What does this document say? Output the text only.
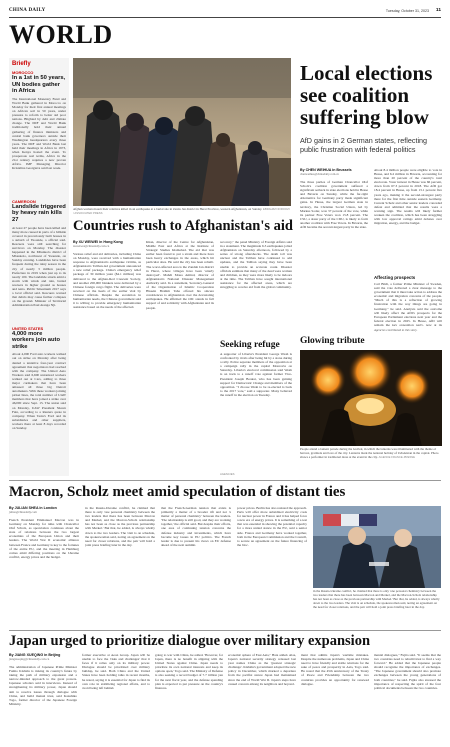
CHINA DAILY	Tuesday, October 31, 2023 11
WORLD
Briefly
MOROCCO
In a 1st in 50 years, UN bodies gather in Africa
The International Monetary Fund and World Bank gathered in Morocco on Monday for their first annual meetings on African soil in 50 years, under pressure to reform to better aid poor nations. Blighted by debt and climate change. The IMF and World Bank traditionally hold their annual gathering of finance ministers and central bank governors outside their Washington headquarters every three years. The IMF and World Bank last held their meetings in Africa in 1973, when Kenya hosted the event. To prosperous real terms, Africa in the 21st century requires a new proven Africa. IMF Managing Director Kristalina Georgieva said last week.
CAMEROON
Landslide triggered by heavy rain kills 27
At least 27 people have been killed and many more caused in parts of a hillside covered in precariously built houses in a suburb of Yaounde, a official said. Rescuers were still searching for survivors on Monday. The disaster happened in the Mbankolo district of Mbankolo, northwest of Yaounde, on Sunday evening. Landslides have been frequent during the rainy season in the city of nearly 3 million people. Prefecture in 2019 when just up to its nearly 100. The landslide struck amid a storm with winds and rain, buried rescuers in higher ground as houses and tents. Public Smeatnum 2017 says a local official said. Rescuers warned that debris may cause further collapses on the ground. Minister of Territorial Administration Paul Atanga Nji.
UNITED STATES
4,000 more workers join auto strike
About 4,000 Ford auto workers walked out on strike on Monday after being denied a tentative four-year contract agreement that negotiators had reached with the company. The United Auto Workers said 6,600 unionized workers walked out at Cars, adding to three major carmakers that have been amassed all three big Detroit automakers. With these workers joining picket lines, the total number of UAW members that have joined a strike over 46,000 since Sept. 15. The union said on Monday, UAW President Shawn Fain, according to a Reuters quote in company. When Tesla's Ford and its subsidiaries and other suppliers, workers there at least 8 days recorded on Sunday.
Afghan women mourn their relatives killed in an earthquake at a burial site in Zenda Jan district in Herat Province, western Afghanistan, on Sunday. EBRAHIM NOROOZI / ASSOCIATED PRESS
Countries rush to Afghanistan's aid
By XU WEIWEI in Hong Kong
xuweiwei@chinadaily.com.cn
Various relief and aid deliveries, including China on Monday, were received with a humanitarian response to Afghanistan's earthquake victims, as Afghanistan's Taliban-led government announced a new relief package. China's emergency relief package of 30 million yuan ($4.1 million) was delivered to the Afghan-Red Crescent Society, and another 200,000 blankets were delivered by a Chinese foreign cargo flight. The deliveries were received on the heels of the earlier visit by Chinese officials. Despite the escalation in humanitarian needs, the Chinese government said it is willing to provide emergency humanitarian assistance based on the needs of the affected.
Khan, director of the Centre for Afghanistan, Middle East and Africa at the Institute of Strategic Studies Islamabad. The aid that was earlier been found to put a strain and there have been heavy exchanges in the areas, which hit particular sites. He said the city has been rebuilt. The worst-affected area is the Zandah Jan district in Herat, where villages have been 'utterly destroyed'. Mahdi Moua Amind, director of Afghanistan's National Disaster Management Authority said. In a statement, Secretary-General of the Organization of Islamic Cooperation Hissein Brahim Taha offered his sincere condolences to Afghanistan over the devastating earthquakes. He affirmed the OIC stands in full support of and solidarity with Afghanistan and its people.
recovery," the panel Ministry of Foreign Affairs said in a statement. The magnitude 6.3 earthquakes jolted Afghanistan on Saturday afternoon, followed by a series of strong aftershocks. The death toll was unclear and the Taliban have continued to add updates, and the Taliban saying they have been unable to provide an accurate count. Disaster officials estimate that many of the dead were women and children, as they were more likely to be indoors at the time. The Taliban have sought international assistance for the affected areas, which are struggling to receive aid from the global community.
Seeking refuge
A supporter of Liberia's President George Weah is confronted by rivals after being hit by a stone during a rally. Police separate members of the opposition at a campaign rally in the capital Monrovia on Saturday. Liberia's electoral commission said Weah is on track to a runoff vote against former Vice-President Joseph Boakai, who has been gaining support for Democratic Change and members of the opposition. "I choose Weah to be re-elected is back to the 2017 vote," said a supporter. Many believed the runoff in the election on Tuesday.
AGENCIES
Local elections see coalition suffering blow
AfD gains in 2 German states, reflecting public frustration with federal politics
By CHEN WEIHUA in Brussels
chenweihua@chinadaily.com.cn
The three parties of German Chancellor Olaf Scholz's coalition government suffered a significant setback in state elections held in Hesse and Bavaria on Sunday, while the far-right Alternative for Germany party made significant gains. In Hesse, the largest German state in territory, the Christian Social Union, led by Markus Soder, won 37 percent of the vote, while its partner Free Voters won 15.8 percent. The CSU, a sister party of the CDU, is likely to form another coalition with Free Voters. In Bavaria, the AfD became the second-largest party in the state.
About 8.4 million people were eligible to vote in Hesse, and 6.2 million in Bavaria, accounting for more than 20 percent of the country's total electorate. Voter turnout in Hesse was 66 percent, down from 67.3 percent in 2018. The AfD got 18.4 percent in Hesse, up from 13.1 percent five years ago, making it the second-strongest party there for the first time outside eastern Germany. Current Scholz and other senior leaders conceded defeat and admitted that the results were a warning sign. The results will likely further weaken the coalition, which has been struggling with low approval ratings amid debates over migration, energy, and the budget.
Affecting prospects
Carl Bildt, a former Prime Minister of Sweden, said the vote delivered a clear message to the government that it must take action to address the economic and migration concerns of the people. "Much of this is a reflection of growing frustration with the way things are going in Germany," he said. Analysts said the outcome will likely affect the AfD's prospects for the European Parliament elections next year and the federal election in 2025. In Hesse, AfD will remain the key opposition party, now at its
Agencies contributed to this story.
Glowing tribute
People attend a lantern parade during the festival, in which the lanterns were illuminated with the theme of harvest, gratitude and love of the city. Lanterns mark the national holiday of Uzbekistan in the capital. Photo shows a performer in traditional dress at the event in the city. AGENCE FRANCE-PRESSE
Macron, Scholz meet amid speculation of distant ties
By JULIAN SHEA in London
julian@chinadaily.com
French President Emmanuel Macron was in Germany on Monday for talks with Chancellor Olaf Scholz, as speculation continues about the state of relations between the two largest economies of the European Union and their leaders. The World War II economic alliance between France and Germany is key to the fortunes of the entire EU, and the meeting in Hamburg comes amid differing positions on the Ukraine conflict, energy prices and the budget.
in the Russia-Ukraine conflict, he claimed that there is only 'one personal chemistry between the two leaders that there has been between Macron and Merkel, and the Macron-Scholz relationship has not been as close as the previous partnership with Merkel.' But that, he added, is always wholly down to the two leaders. The visit is on schedule, the spokeswoman said, noting an agreement on the need for closer relations, and the pair will hold a joint press briefing later in the day.
that the French-German tension that exists is primarily a matter of a broader rift and not 'a matter of personal chemistry' between the leaders. 'The relationship is still good, and they are working together,' the official said. But despite their efforts, one area of continuing tension concerns the defense industry and investments, which have become key issues in EU politics. The French leader is due to present his views on EU defense ahead of the next summit.
power prices. Berlin has also resisted the approach. Paris will offer more subsidized electricity costs for nuclear power in France and it has helped force a new era of energy prices. It is something of a test that was essential in showing the potential capacity for a more united stance in the EU, said a senior aide. France and Germany have worked together, both in the European Commission and the Council, to secure an agreement on the future financing of the bloc.
in the Russia-Ukraine conflict, he claimed that there is only 'one personal chemistry between the two leaders that there has been between Macron and Merkel, and the Macron-Scholz relationship has not been as close as the previous partnership with Merkel.' But that, he added, is always wholly down to the two leaders. The visit is on schedule, the spokeswoman said, noting an agreement on the need for closer relations, and the pair will hold a joint press briefing later in the day.
Japan urged to prioritize dialogue over military expansion
By JIANG XUEQING in Beijing
jiangxueqing@chinadaily.com.cn
The administration of Japanese Prime Minister Fumio Kishida is risking its country's future by taking the path of military expansion and a narrow-minded approach to the great powers. Japanese scholars said in interviews. Instead of strengthening its military power, Japan should aim to resolve issues through dialogue with China, and build mutual trust, said Kazuhiko Togo, former director of the Japanese Foreign Ministry.
former executive at Aeon Group. Japan will be unable to face the 'risks and challenges' that it faces if it relies only on its military power. Dialogue should be prioritized over military buildup, he said. Both China and the United States have been holding talks in recent months, he noted, saying it is essential for Japan to find its own role in stabilizing regional affairs, and to avoid being left behind.
going to war with China, he added. 'However, for Japan, there is no benefit in aligning with the United States against China. Japan needs to prioritize its own national interests and keep its options open,' Togo said. The Ministry of Defense is also seeking a record budget of 7.7 trillion yen for the next fiscal year, and the defense spending plan is expected to put pressure on the country's finances.
economic sphere of East Asia," Hata added. Alas, Japan's national security strategy released last year names China as the 'greatest strategic challenge'. Kishida's government adopted the new policy in December, which marked a departure from the pacifist stance Japan had maintained since the end of World War II. Japan's steps have caused concern among its neighbors and beyond.
ment that admits Japan's wartime mistakes. Despite the numerous problems, Japan and China need to have friendly and stable relations for the sake of peace and prosperity in Asia, Togo said. He noted that the 45th anniversary of the Treaty of Peace and Friendship between the two countries provides an opportunity for renewed dialogue.
mental dialogues," Fujita said. "It seems that the two countries need to rebuild trust to find a way forward." He added that the Japanese people should recognize the importance of exchanges. "The Japanese government should also promote exchanges between the young generations of both countries," he said. Fujita also stressed the importance of respecting the spirit of the four political documents between the two countries.
